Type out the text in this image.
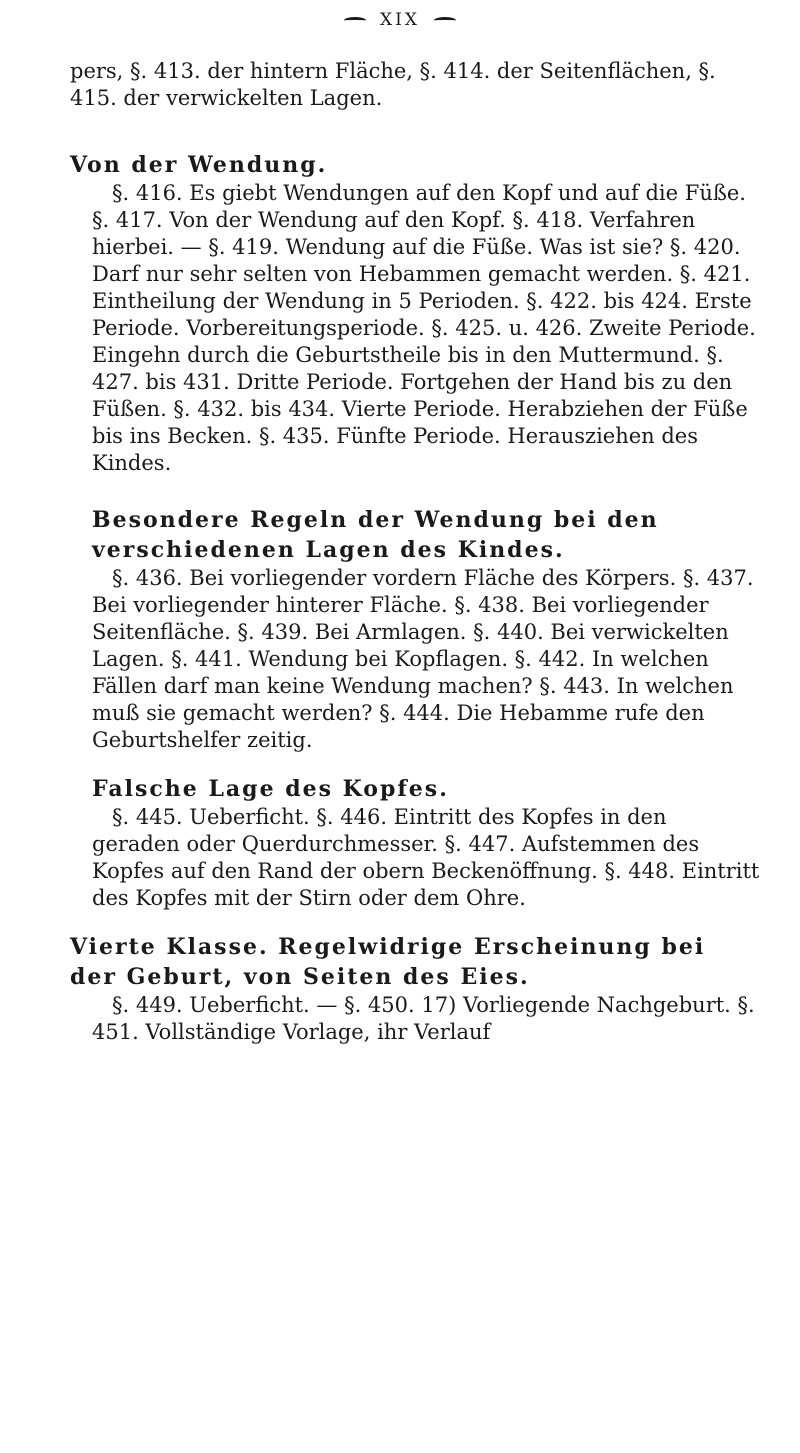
XIX

pers, §. 413. der hintern Fläche, §. 414. der Seitenflächen, §. 415. der verwickelten Lagen.

Von der Wendung.

§. 416. Es giebt Wendungen auf den Kopf und auf die Füße. §. 417. Von der Wendung auf den Kopf. §. 418. Verfahren hierbei. — §. 419. Wendung auf die Füße. Was ist sie? §. 420. Darf nur sehr selten von Hebammen gemacht werden. §. 421. Eintheilung der Wendung in 5 Perioden. §. 422. bis 424. Erste Periode. Vorbereitungsperiode. §. 425. u. 426. Zweite Periode. Eingehn durch die Geburtstheile bis in den Muttermund. §. 427. bis 431. Dritte Periode. Fortgehen der Hand bis zu den Füßen. §. 432. bis 434. Vierte Periode. Herabziehen der Füße bis ins Becken. §. 435. Fünfte Periode. Herausziehen des Kindes.

Besondere Regeln der Wendung bei den verschiedenen Lagen des Kindes.

§. 436. Bei vorliegender vordern Fläche des Körpers. §. 437. Bei vorliegender hinterer Fläche. §. 438. Bei vorliegender Seitenfläche. §. 439. Bei Armlagen. §. 440. Bei verwickelten Lagen. §. 441. Wendung bei Kopflagen. §. 442. In welchen Fällen darf man keine Wendung machen? §. 443. In welchen muß sie gemacht werden? §. 444. Die Hebamme rufe den Geburtshelfer zeitig.

Falsche Lage des Kopfes.

§. 445. Ueberficht. §. 446. Eintritt des Kopfes in den geraden oder Querdurchmesser. §. 447. Aufstemmen des Kopfes auf den Rand der obern Beckenöffnung. §. 448. Eintritt des Kopfes mit der Stirn oder dem Ohre.

Vierte Klasse. Regelwidrige Erscheinung bei der Geburt, von Seiten des Eies.

§. 449. Ueberficht. — §. 450. 17) Vorliegende Nachgeburt. §. 451. Vollständige Vorlage, ihr Verlauf
